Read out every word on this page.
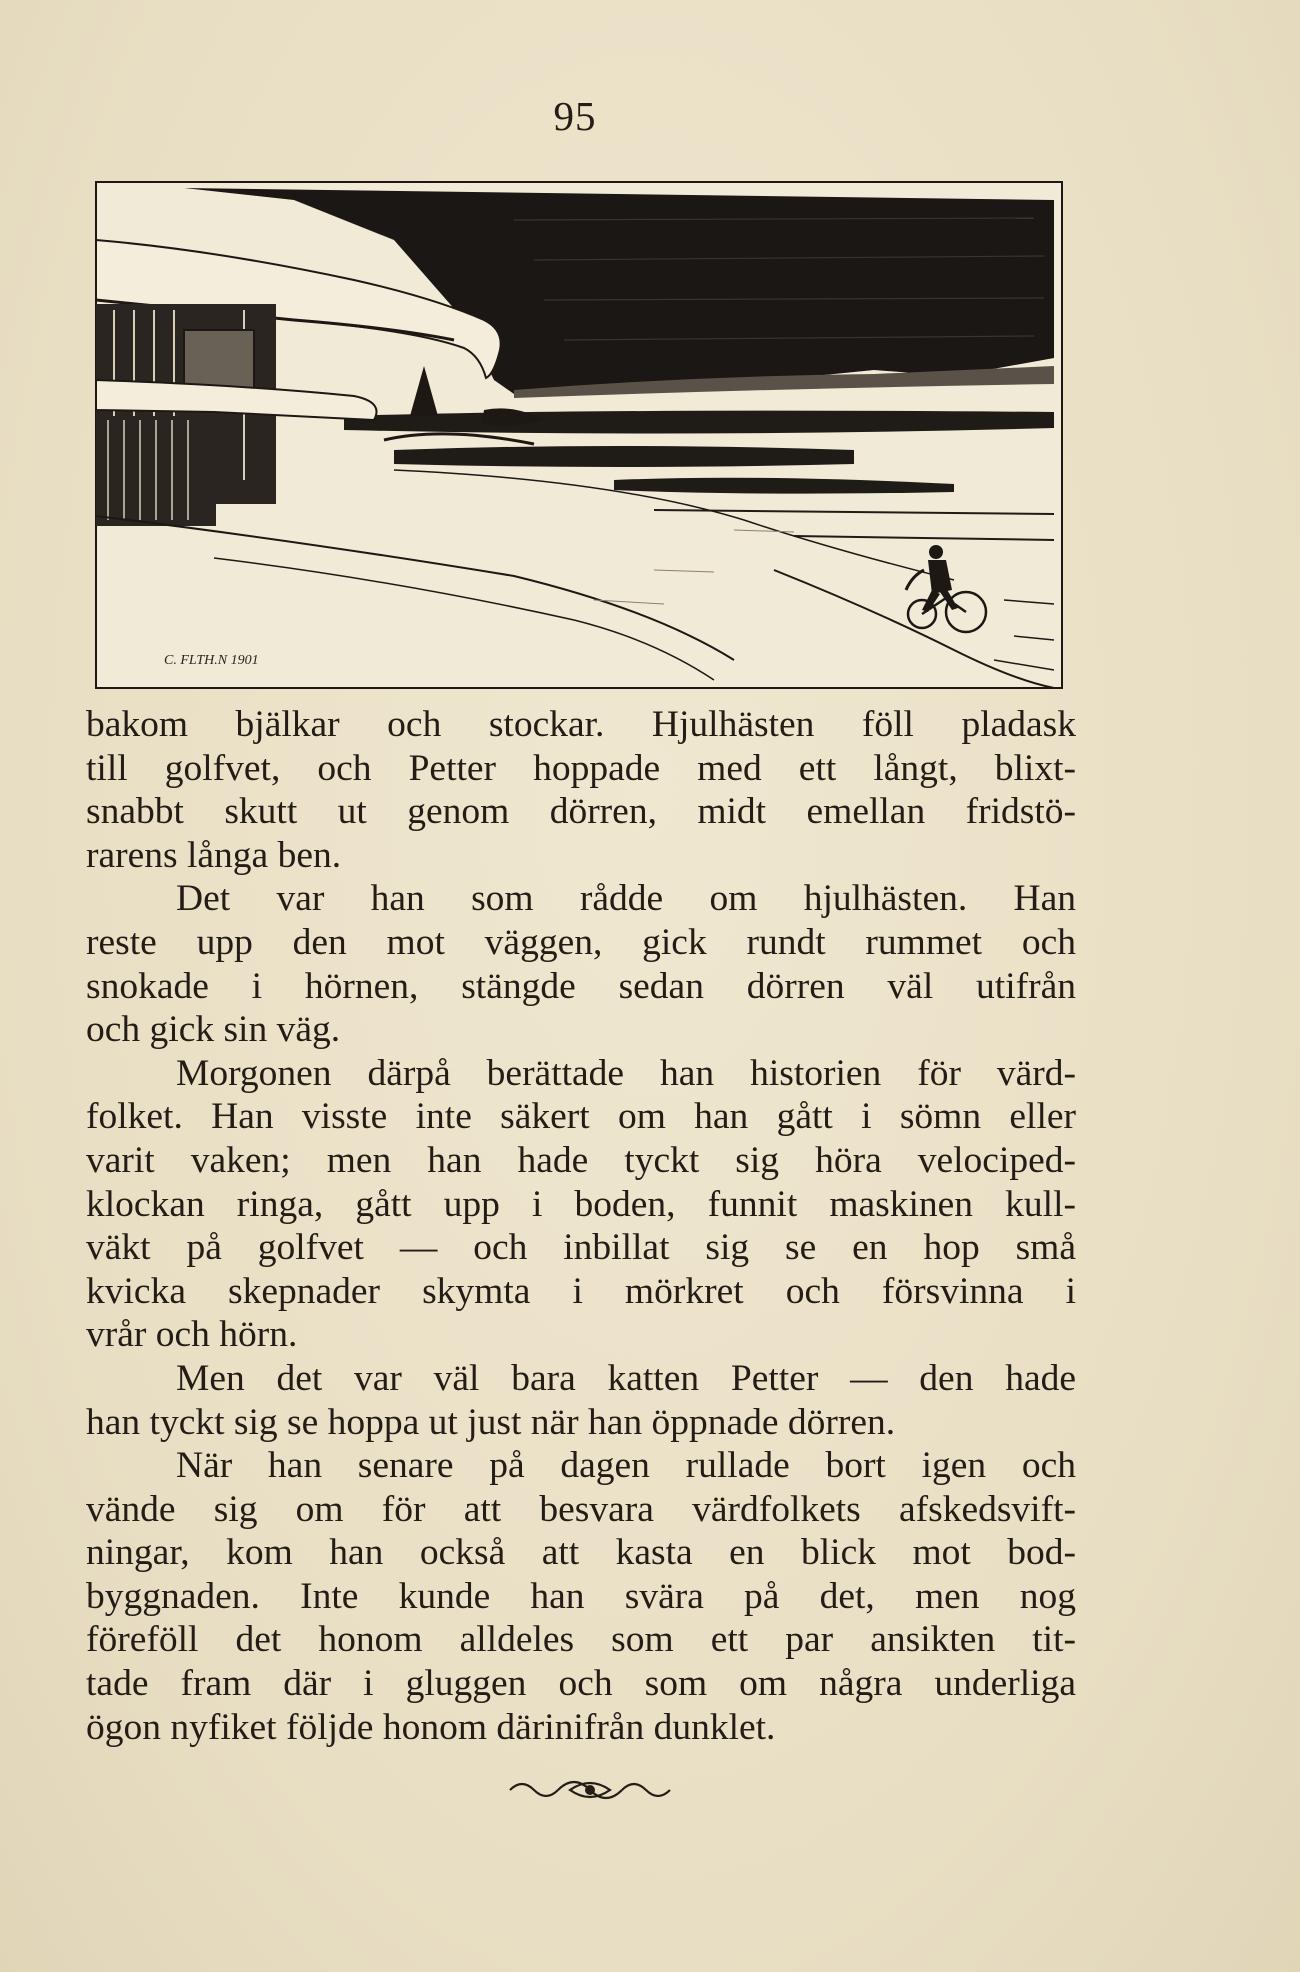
95
C. FLTH.N 1901

bakom bjälkar och stockar. Hjulhästen föll pladask
till golfvet, och Petter hoppade med ett långt, blixt-
snabbt skutt ut genom dörren, midt emellan fridstö-
rarens långa ben.

Det var han som rådde om hjulhästen. Han
reste upp den mot väggen, gick rundt rummet och
snokade i hörnen, stängde sedan dörren väl utifrån
och gick sin väg.

Morgonen därpå berättade han historien för värd-
folket. Han visste inte säkert om han gått i sömn eller
varit vaken; men han hade tyckt sig höra velociped-
klockan ringa, gått upp i boden, funnit maskinen kull-
väkt på golfvet — och inbillat sig se en hop små
kvicka skepnader skymta i mörkret och försvinna i
vrår och hörn.

Men det var väl bara katten Petter — den hade
han tyckt sig se hoppa ut just när han öppnade dörren.

När han senare på dagen rullade bort igen och
vände sig om för att besvara värdfolkets afskedsvift-
ningar, kom han också att kasta en blick mot bod-
byggnaden. Inte kunde han svära på det, men nog
föreföll det honom alldeles som ett par ansikten tit-
tade fram där i gluggen och som om några underliga
ögon nyfiket följde honom därinifrån dunklet.
